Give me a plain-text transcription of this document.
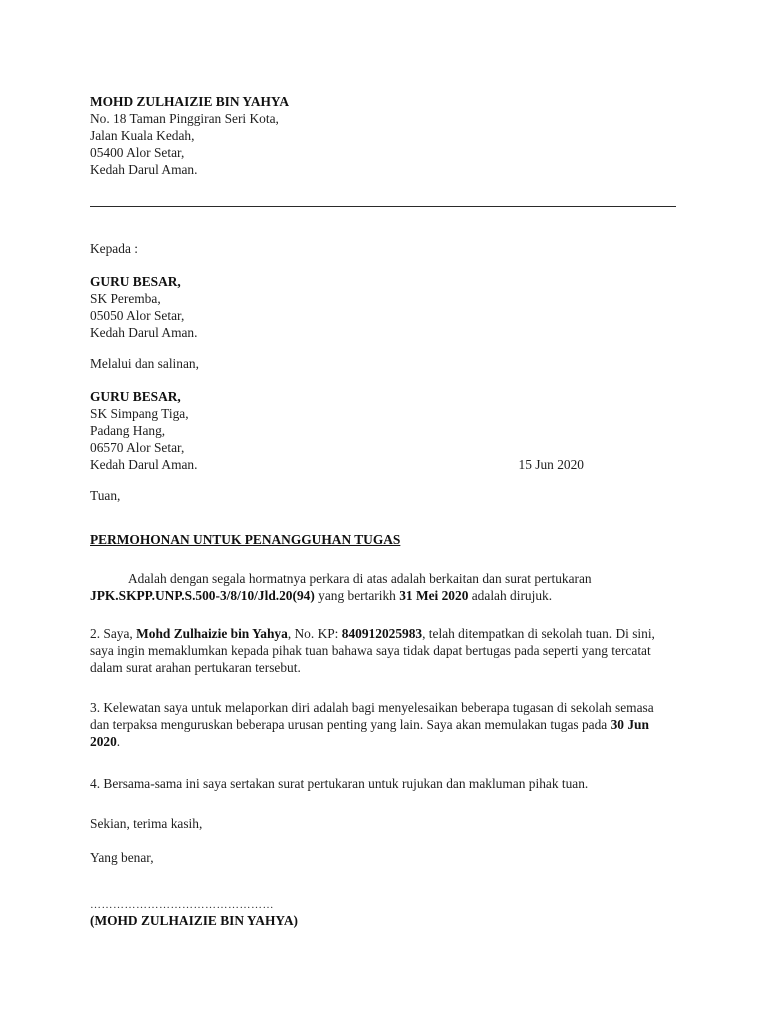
MOHD ZULHAIZIE BIN YAHYA
No. 18 Taman Pinggiran Seri Kota,
Jalan Kuala Kedah,
05400 Alor Setar,
Kedah Darul Aman.
Kepada :
GURU BESAR,
SK Peremba,
05050 Alor Setar,
Kedah Darul Aman.
Melalui dan salinan,
GURU BESAR,
SK Simpang Tiga,
Padang Hang,
06570 Alor Setar,
Kedah Darul Aman.	15 Jun 2020
Tuan,
PERMOHONAN UNTUK PENANGGUHAN TUGAS
Adalah dengan segala hormatnya perkara di atas adalah berkaitan dan surat pertukaran
JPK.SKPP.UNP.S.500-3/8/10/Jld.20(94) yang bertarikh 31 Mei 2020 adalah dirujuk.
2. Saya, Mohd Zulhaizie bin Yahya, No. KP: 840912025983, telah ditempatkan di sekolah tuan. Di sini,
saya ingin memaklumkan kepada pihak tuan bahawa saya tidak dapat bertugas pada seperti yang tercatat
dalam surat arahan pertukaran tersebut.
3. Kelewatan saya untuk melaporkan diri adalah bagi menyelesaikan beberapa tugasan di sekolah semasa
dan terpaksa menguruskan beberapa urusan penting yang lain. Saya akan memulakan tugas pada 30 Jun
2020.
4. Bersama-sama ini saya sertakan surat pertukaran untuk rujukan dan makluman pihak tuan.
Sekian, terima kasih,
Yang benar,
…………………………………………
(MOHD ZULHAIZIE BIN YAHYA)
